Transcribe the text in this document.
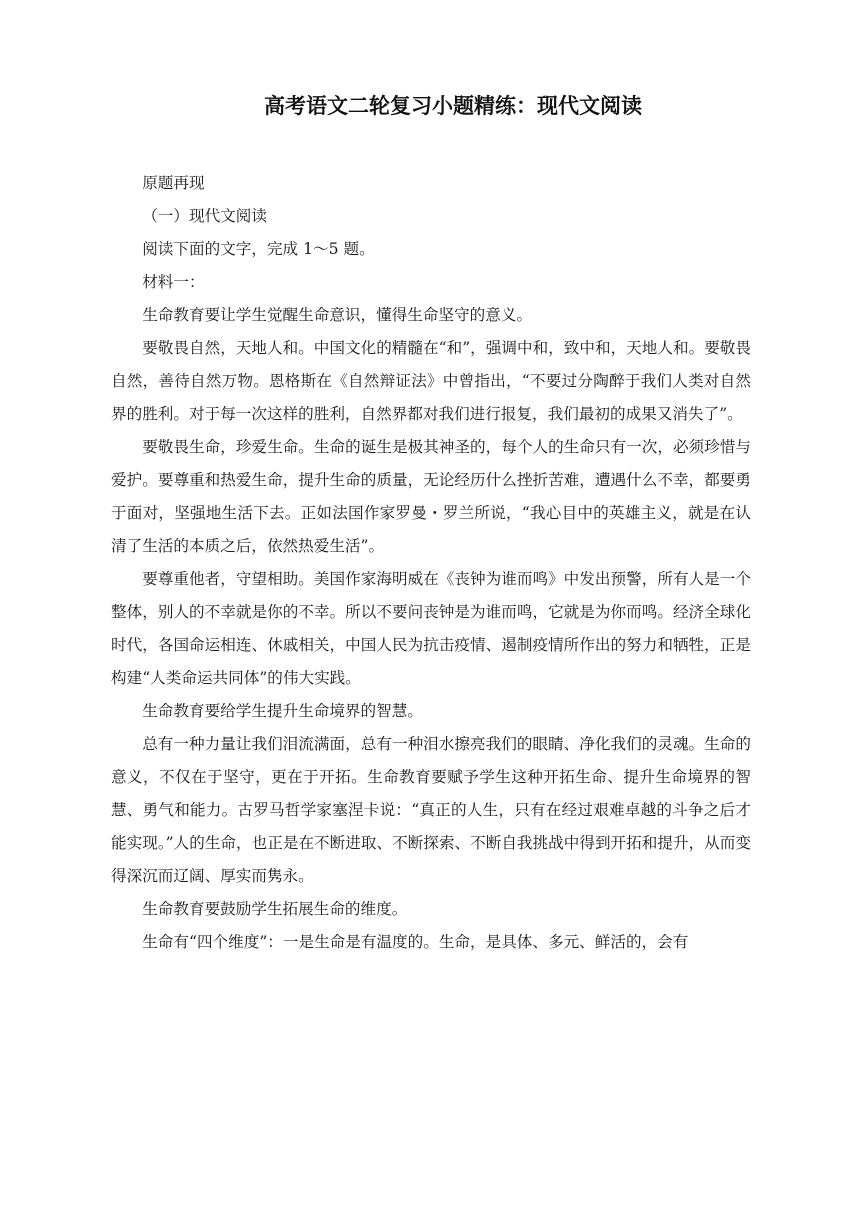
高考语文二轮复习小题精练：现代文阅读

原题再现

（一）现代文阅读

阅读下面的文字，完成 1～5 题。

材料一：

生命教育要让学生觉醒生命意识，懂得生命坚守的意义。

要敬畏自然，天地人和。中国文化的精髓在“和”，强调中和，致中和，天地人和。要敬畏自然，善待自然万物。恩格斯在《自然辩证法》中曾指出，“不要过分陶醉于我们人类对自然界的胜利。对于每一次这样的胜利，自然界都对我们进行报复，我们最初的成果又消失了”。

要敬畏生命，珍爱生命。生命的诞生是极其神圣的，每个人的生命只有一次，必须珍惜与爱护。要尊重和热爱生命，提升生命的质量，无论经历什么挫折苦难，遭遇什么不幸，都要勇于面对，坚强地生活下去。正如法国作家罗曼・罗兰所说，“我心目中的英雄主义，就是在认清了生活的本质之后，依然热爱生活”。

要尊重他者，守望相助。美国作家海明威在《丧钟为谁而鸣》中发出预警，所有人是一个整体，别人的不幸就是你的不幸。所以不要问丧钟是为谁而鸣，它就是为你而鸣。经济全球化时代，各国命运相连、休戚相关，中国人民为抗击疫情、遏制疫情所作出的努力和牺牲，正是构建“人类命运共同体”的伟大实践。

生命教育要给学生提升生命境界的智慧。

总有一种力量让我们泪流满面，总有一种泪水擦亮我们的眼睛、净化我们的灵魂。生命的意义，不仅在于坚守，更在于开拓。生命教育要赋予学生这种开拓生命、提升生命境界的智慧、勇气和能力。古罗马哲学家塞涅卡说：“真正的人生，只有在经过艰难卓越的斗争之后才能实现。”人的生命，也正是在不断进取、不断探索、不断自我挑战中得到开拓和提升，从而变得深沉而辽阔、厚实而隽永。

生命教育要鼓励学生拓展生命的维度。

生命有“四个维度”：一是生命是有温度的。生命，是具体、多元、鲜活的，会有
